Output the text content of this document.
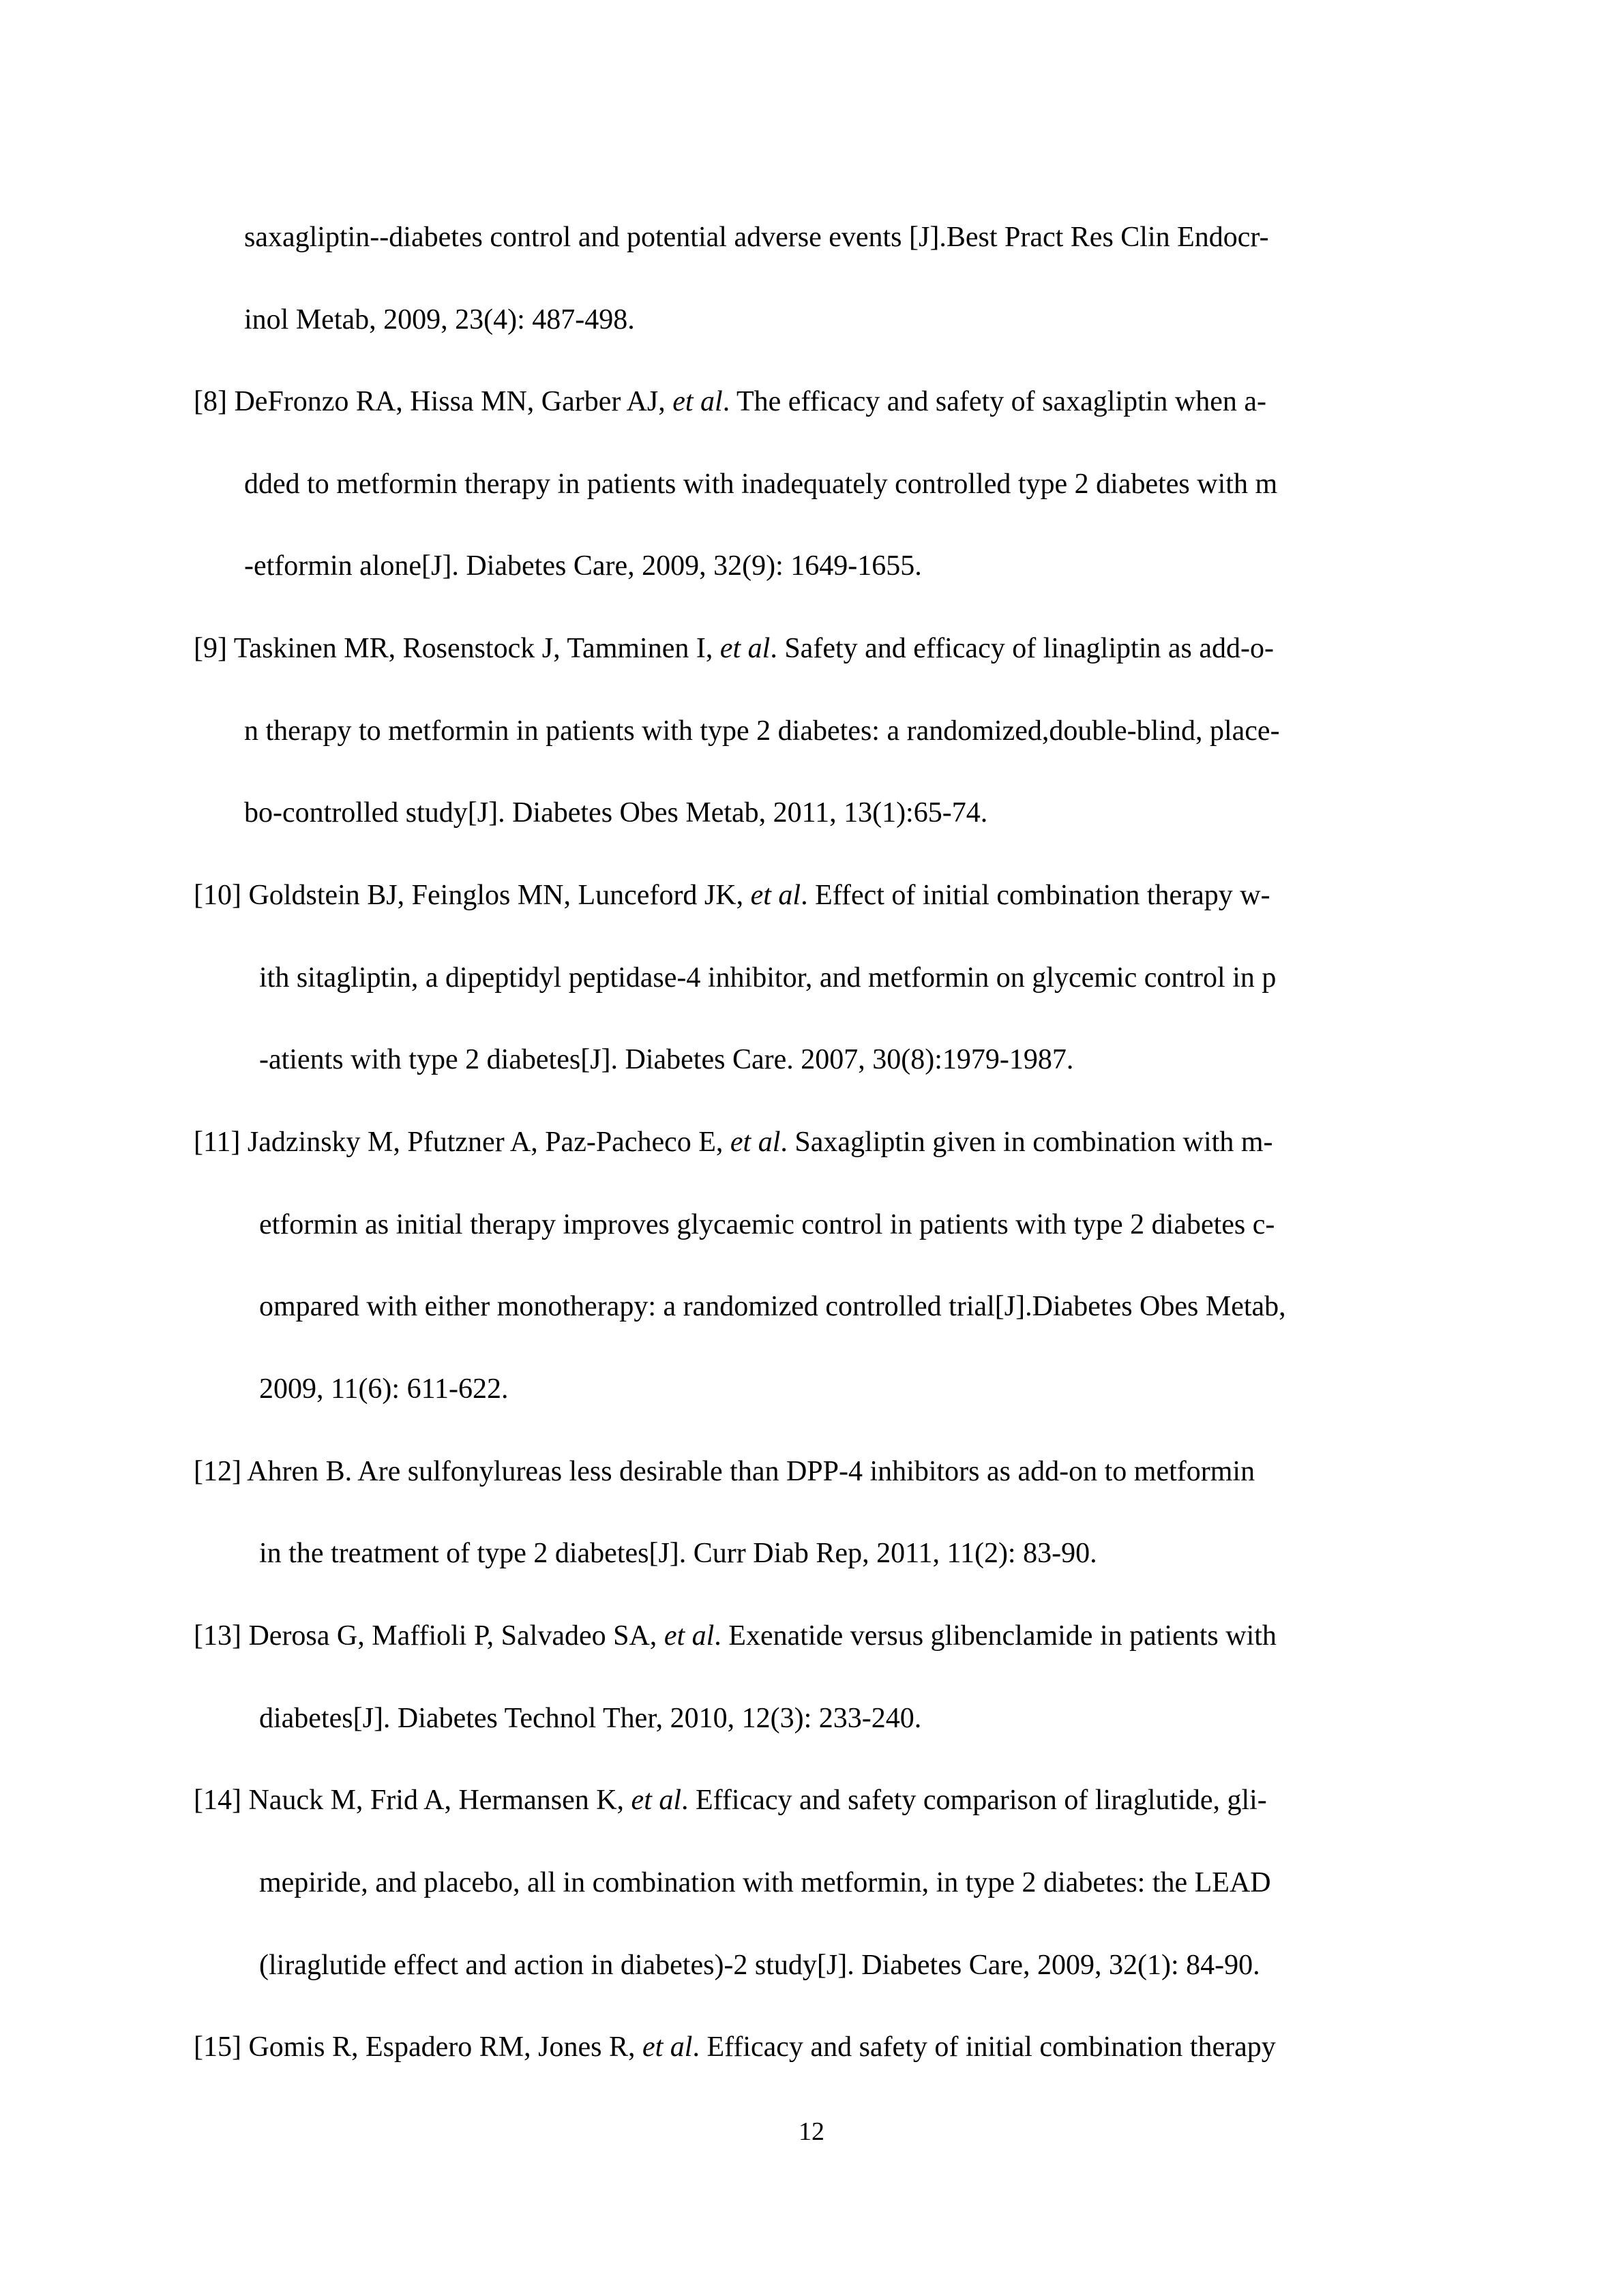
saxagliptin--diabetes control and potential adverse events [J].Best Pract Res Clin Endocr-
inol Metab, 2009, 23(4): 487-498.
[8] DeFronzo RA, Hissa MN, Garber AJ, et al. The efficacy and safety of saxagliptin when a-
dded to metformin therapy in patients with inadequately controlled type 2 diabetes with m
-etformin alone[J]. Diabetes Care, 2009, 32(9): 1649-1655.
[9] Taskinen MR, Rosenstock J, Tamminen I, et al. Safety and efficacy of linagliptin as add-o-
n therapy to metformin in patients with type 2 diabetes: a randomized,double-blind, place-
bo-controlled study[J]. Diabetes Obes Metab, 2011, 13(1):65-74.
[10] Goldstein BJ, Feinglos MN, Lunceford JK, et al. Effect of initial combination therapy w-
ith sitagliptin, a dipeptidyl peptidase-4 inhibitor, and metformin on glycemic control in p
-atients with type 2 diabetes[J]. Diabetes Care. 2007, 30(8):1979-1987.
[11] Jadzinsky M, Pfutzner A, Paz-Pacheco E, et al. Saxagliptin given in combination with m-
etformin as initial therapy improves glycaemic control in patients with type 2 diabetes c-
ompared with either monotherapy: a randomized controlled trial[J].Diabetes Obes Metab,
2009, 11(6): 611-622.
[12] Ahren B. Are sulfonylureas less desirable than DPP-4 inhibitors as add-on to metformin
in the treatment of type 2 diabetes[J]. Curr Diab Rep, 2011, 11(2): 83-90.
[13] Derosa G, Maffioli P, Salvadeo SA, et al. Exenatide versus glibenclamide in patients with
diabetes[J]. Diabetes Technol Ther, 2010, 12(3): 233-240.
[14] Nauck M, Frid A, Hermansen K, et al. Efficacy and safety comparison of liraglutide, gli-
mepiride, and placebo, all in combination with metformin, in type 2 diabetes: the LEAD
(liraglutide effect and action in diabetes)-2 study[J]. Diabetes Care, 2009, 32(1): 84-90.
[15] Gomis R, Espadero RM, Jones R, et al. Efficacy and safety of initial combination therapy
12
